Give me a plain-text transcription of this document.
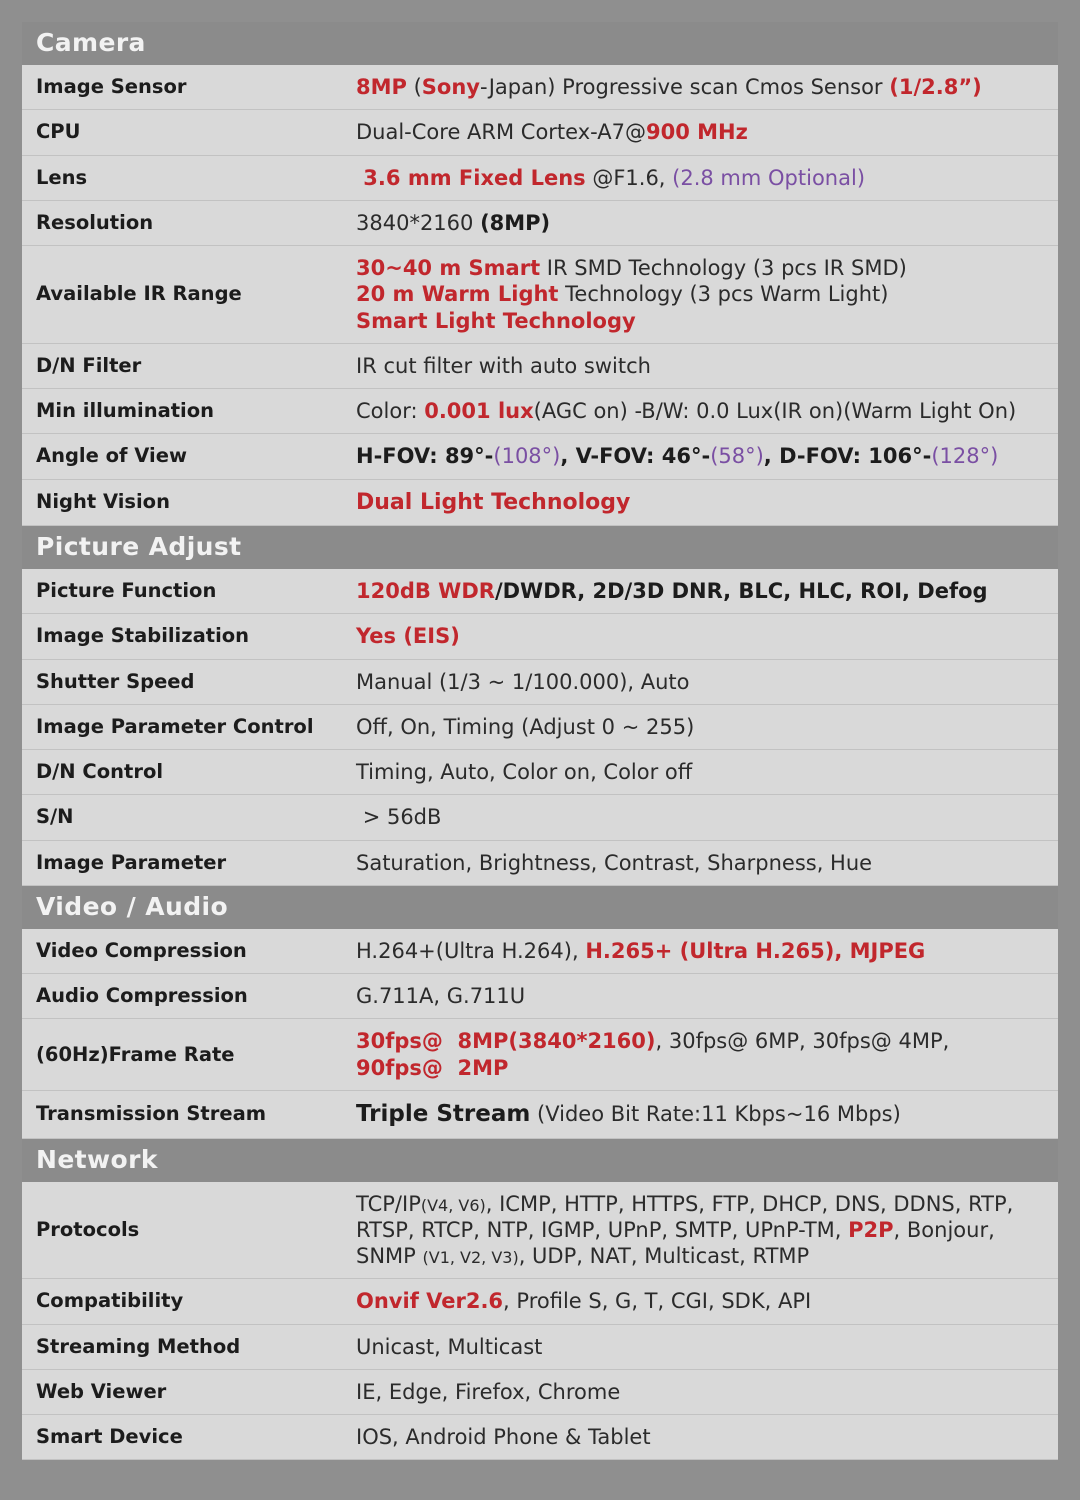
Camera	
Image Sensor	8MP (Sony-Japan) Progressive scan Cmos Sensor (1/2.8”)
CPU	Dual-Core ARM Cortex-A7@900 MHz
Lens	3.6 mm Fixed Lens @F1.6, (2.8 mm Optional)
Resolution	3840*2160 (8MP)
Available IR Range	30~40 m Smart IR SMD Technology (3 pcs IR SMD)
20 m Warm Light Technology (3 pcs Warm Light)
Smart Light Technology

D/N Filter	IR cut filter with auto switch
Min illumination	Color: 0.001 lux(AGC on) -B/W: 0.0 Lux(IR on)(Warm Light On)
Angle of View	H-FOV: 89°-(108°), V-FOV: 46°-(58°), D-FOV: 106°-(128°)
Night Vision	Dual Light Technology
Picture Adjust	
Picture Function	120dB WDR/DWDR, 2D/3D DNR, BLC, HLC, ROI, Defog
Image Stabilization	Yes (EIS)
Shutter Speed	Manual (1/3 ~ 1/100.000), Auto
Image Parameter Control	Off, On, Timing (Adjust 0 ~ 255)
D/N Control	Timing, Auto, Color on, Color off
S/N	> 56dB
Image Parameter	Saturation, Brightness, Contrast, Sharpness, Hue
Video / Audio	
Video Compression	H.264+(Ultra H.264), H.265+ (Ultra H.265), MJPEG
Audio Compression	G.711A, G.711U
(60Hz)Frame Rate	30fps@  8MP(3840*2160), 30fps@ 6MP, 30fps@ 4MP,
90fps@  2MP

Transmission Stream	Triple Stream (Video Bit Rate:11 Kbps~16 Mbps)
Network	
Protocols	TCP/IP(V4, V6), ICMP, HTTP, HTTPS, FTP, DHCP, DNS, DDNS, RTP,
RTSP, RTCP, NTP, IGMP, UPnP, SMTP, UPnP-TM, P2P, Bonjour,
SNMP (V1, V2, V3), UDP, NAT, Multicast, RTMP

Compatibility	Onvif Ver2.6, Profile S, G, T, CGI, SDK, API
Streaming Method	Unicast, Multicast
Web Viewer	IE, Edge, Firefox, Chrome
Smart Device	IOS, Android Phone & Tablet
